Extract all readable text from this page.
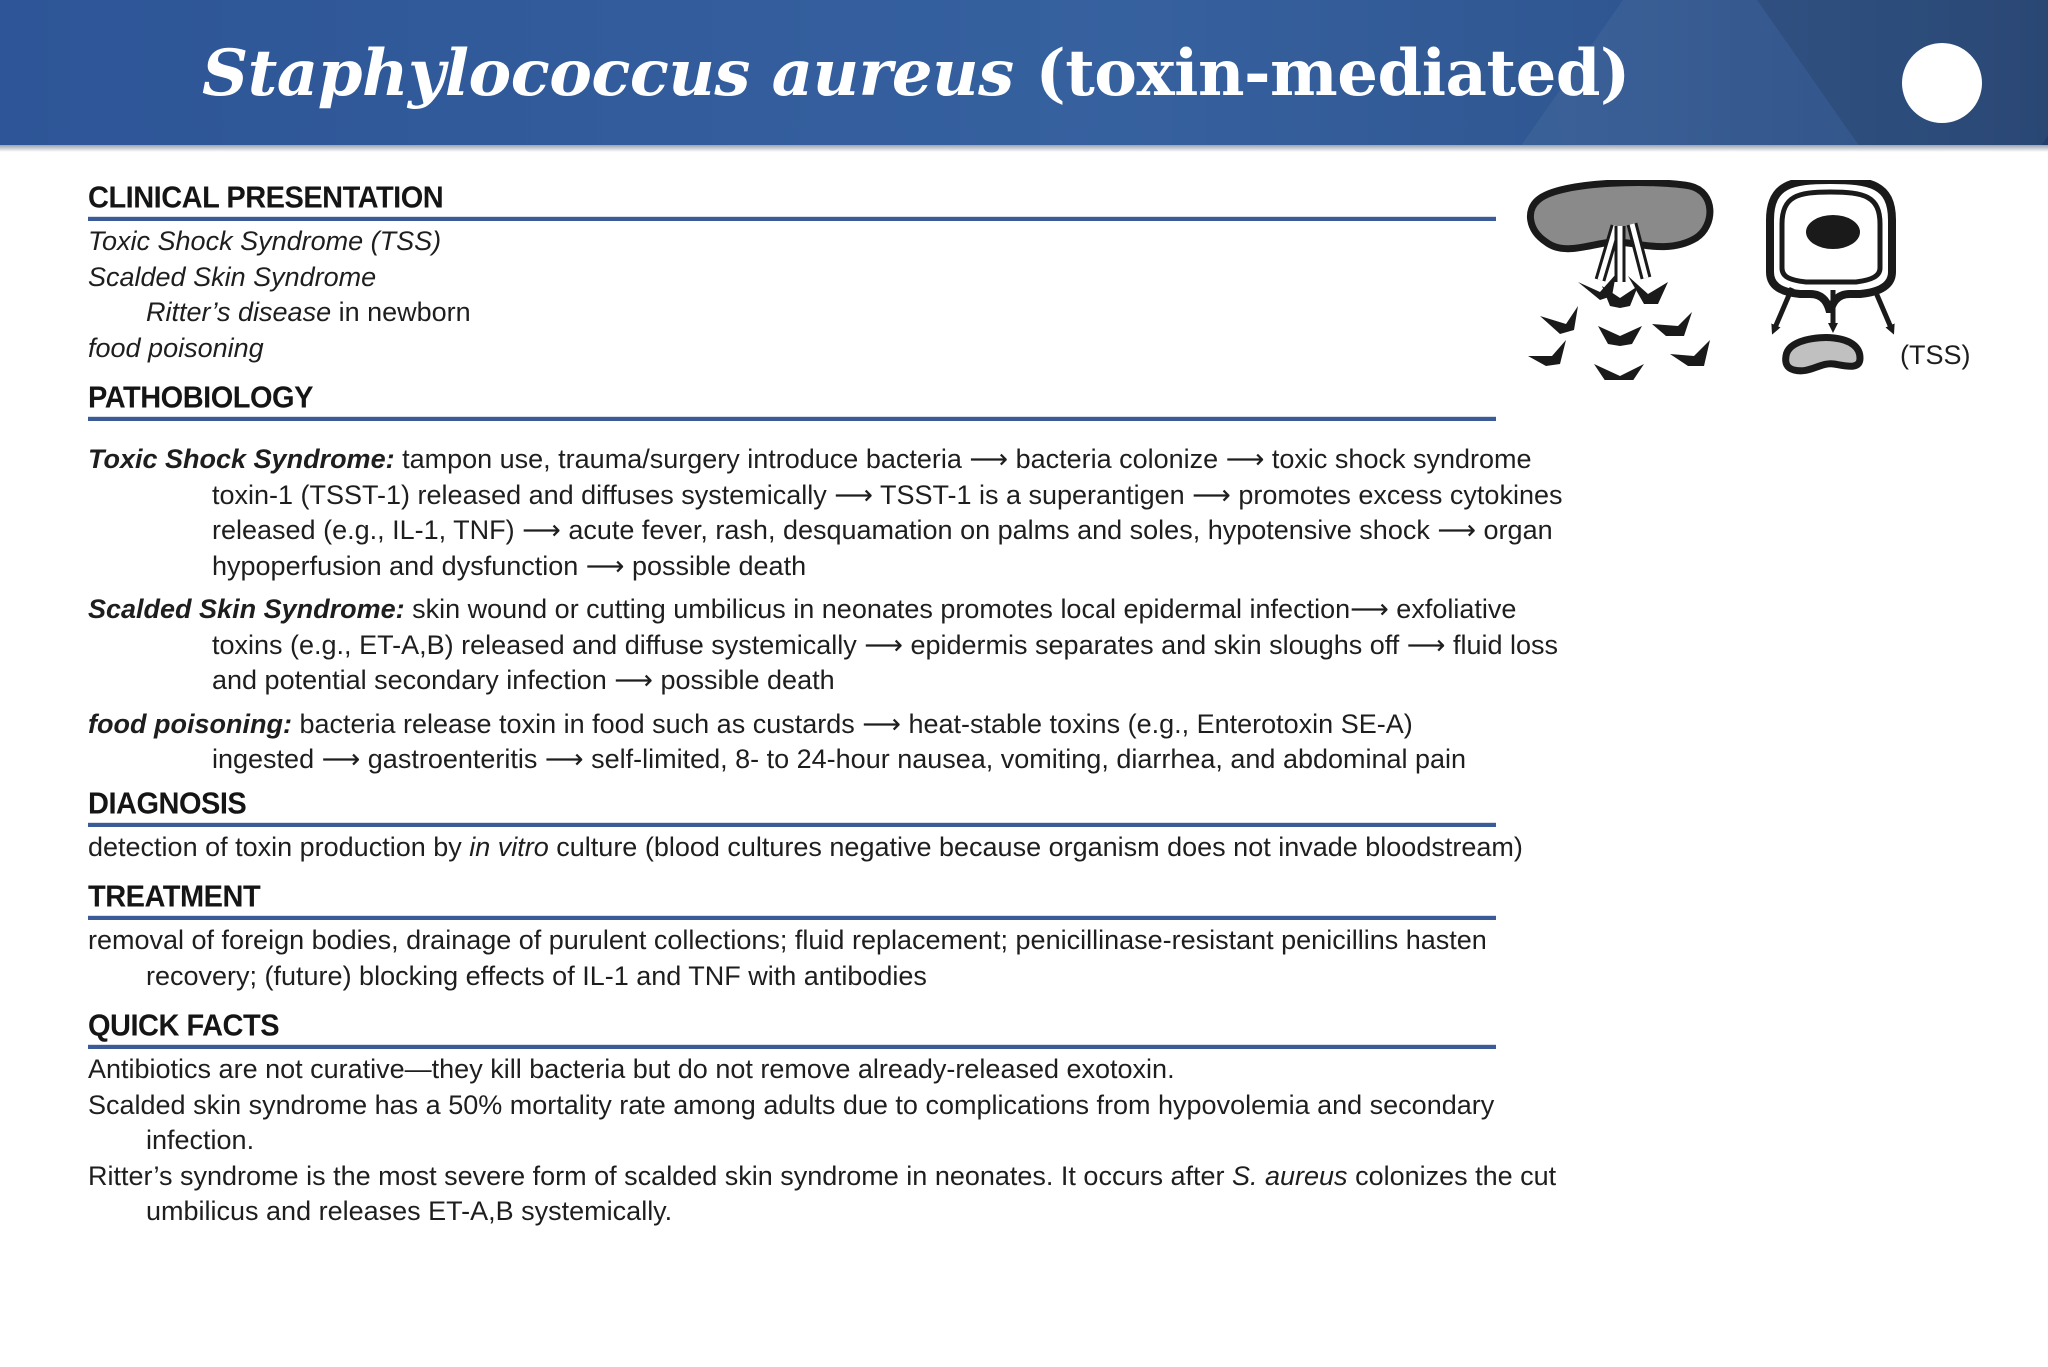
Staphylococcus aureus (toxin-mediated)
CLINICAL PRESENTATION
Toxic Shock Syndrome (TSS)
Scalded Skin Syndrome
Ritter’s disease in newborn
food poisoning
PATHOBIOLOGY
Toxic Shock Syndrome: tampon use, trauma/surgery introduce bacteria ⟶ bacteria colonize ⟶ toxic shock syndrome
toxin-1 (TSST-1) released and diffuses systemically ⟶ TSST-1 is a superantigen ⟶ promotes excess cytokines
released (e.g., IL-1, TNF) ⟶ acute fever, rash, desquamation on palms and soles, hypotensive shock ⟶ organ
hypoperfusion and dysfunction ⟶ possible death
Scalded Skin Syndrome: skin wound or cutting umbilicus in neonates promotes local epidermal infection⟶ exfoliative
toxins (e.g., ET-A,B) released and diffuse systemically ⟶ epidermis separates and skin sloughs off ⟶ fluid loss
and potential secondary infection ⟶ possible death
food poisoning: bacteria release toxin in food such as custards ⟶ heat-stable toxins (e.g., Enterotoxin SE-A)
ingested ⟶ gastroenteritis ⟶ self-limited, 8- to 24-hour nausea, vomiting, diarrhea, and abdominal pain
DIAGNOSIS
detection of toxin production by in vitro culture (blood cultures negative because organism does not invade bloodstream)
TREATMENT
removal of foreign bodies, drainage of purulent collections; fluid replacement; penicillinase-resistant penicillins hasten
recovery; (future) blocking effects of IL-1 and TNF with antibodies
QUICK FACTS
Antibiotics are not curative—they kill bacteria but do not remove already-released exotoxin.
Scalded skin syndrome has a 50% mortality rate among adults due to complications from hypovolemia and secondary
infection.
Ritter’s syndrome is the most severe form of scalded skin syndrome in neonates. It occurs after S. aureus colonizes the cut
umbilicus and releases ET-A,B systemically.
(TSS)
